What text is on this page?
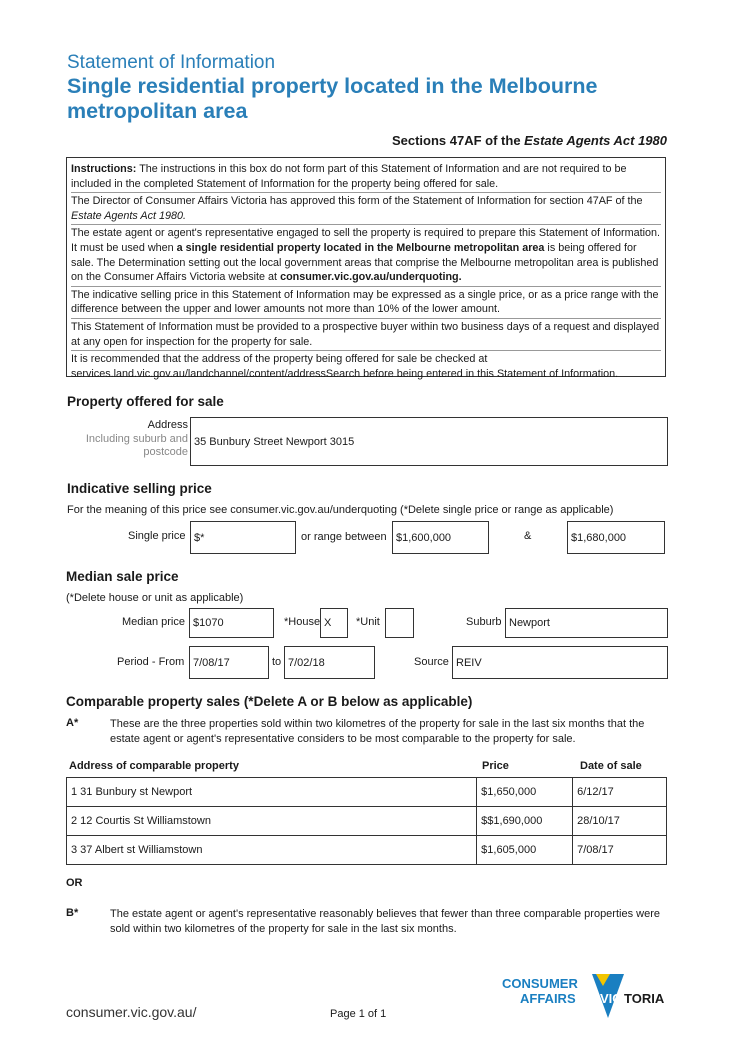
Statement of Information
Single residential property located in the Melbourne metropolitan area
Sections 47AF of the Estate Agents Act 1980

Instructions: The instructions in this box do not form part of this Statement of Information and are not required to be included in the completed Statement of Information for the property being offered for sale.

The Director of Consumer Affairs Victoria has approved this form of the Statement of Information for section 47AF of the Estate Agents Act 1980.

The estate agent or agent's representative engaged to sell the property is required to prepare this Statement of Information. It must be used when a single residential property located in the Melbourne metropolitan area is being offered for sale. The Determination setting out the local government areas that comprise the Melbourne metropolitan area is published on the Consumer Affairs Victoria website at consumer.vic.gov.au/underquoting.

The indicative selling price in this Statement of Information may be expressed as a single price, or as a price range with the difference between the upper and lower amounts not more than 10% of the lower amount.

This Statement of Information must be provided to a prospective buyer within two business days of a request and displayed at any open for inspection for the property for sale.

It is recommended that the address of the property being offered for sale be checked at services.land.vic.gov.au/landchannel/content/addressSearch before being entered in this Statement of Information.

Property offered for sale
Address
Including suburb and postcode
35 Bunbury Street Newport 3015
Indicative selling price
For the meaning of this price see consumer.vic.gov.au/underquoting (*Delete single price or range as applicable)
Single price $*	or range between $1,600,000	&	$1,680,000
Median sale price
(*Delete house or unit as applicable)
Median price $1070	*House X	*Unit	Suburb Newport
Period - From 7/08/17	to 7/02/18	Source REIV
Comparable property sales (*Delete A or B below as applicable)
A*	These are the three properties sold within two kilometres of the property for sale in the last six months that the estate agent or agent's representative considers to be most comparable to the property for sale.
Address of comparable property	Price	Date of sale
1 31 Bunbury st Newport	$1,650,000	6/12/17
2 12 Courtis St Williamstown	$$1,690,000	28/10/17
3 37 Albert st Williamstown	$1,605,000	7/08/17
OR
B*	The estate agent or agent's representative reasonably believes that fewer than three comparable properties were sold within two kilometres of the property for sale in the last six months.
consumer.vic.gov.au/	Page 1 of 1
CONSUMER
AFFAIRS VIC TORIA
